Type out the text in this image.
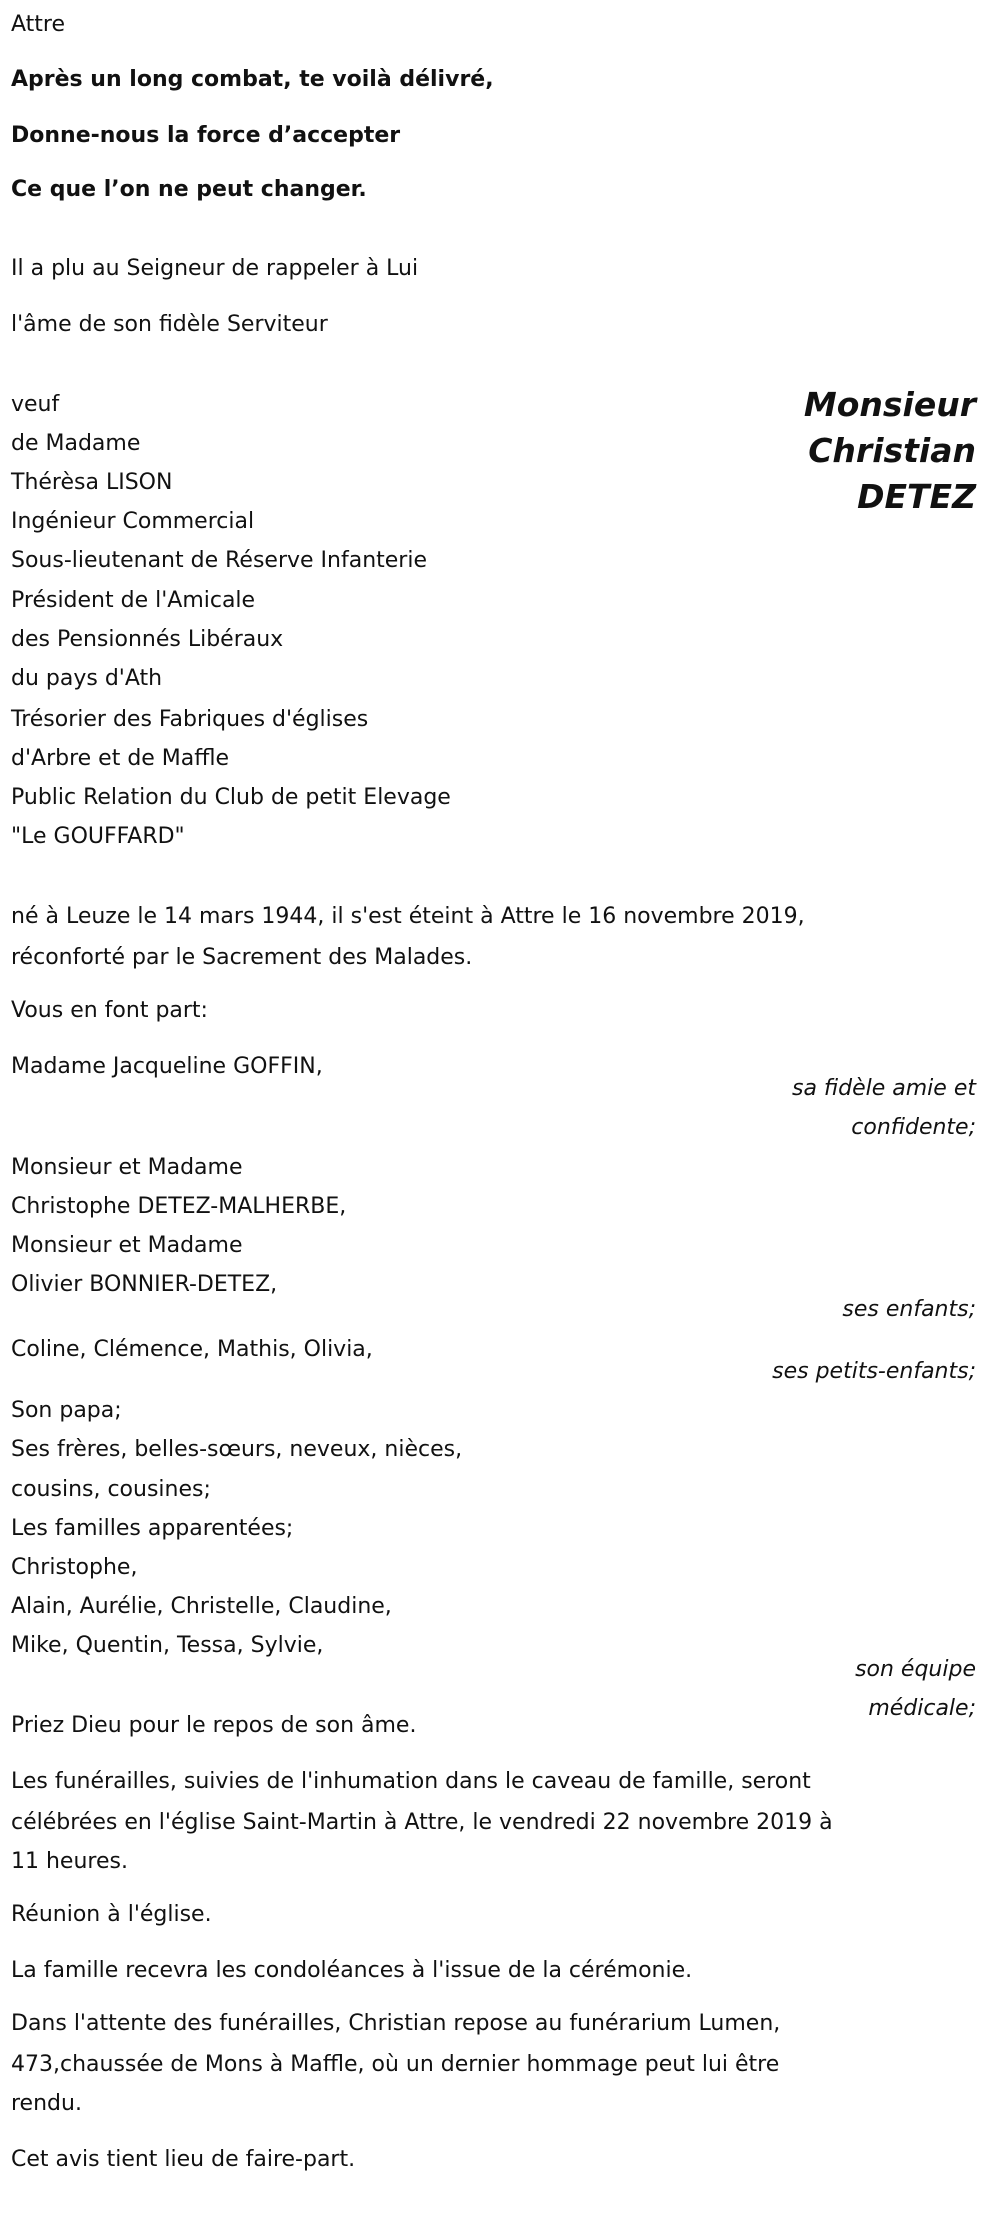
Attre
Après un long combat, te voilà délivré,
Donne-nous la force d’accepter
Ce que l’on ne peut changer.
Il a plu au Seigneur de rappeler à Lui
l'âme de son fidèle Serviteur
Monsieur
Christian
DETEZ
veuf
de Madame
Thérèsa LISON
Ingénieur Commercial
Sous-lieutenant de Réserve Infanterie
Président de l'Amicale
des Pensionnés Libéraux
du pays d'Ath
Trésorier des Fabriques d'églises
d'Arbre et de Maffle
Public Relation du Club de petit Elevage
"Le GOUFFARD"
né à Leuze le 14 mars 1944, il s'est éteint à Attre le 16 novembre 2019,
réconforté par le Sacrement des Malades.
Vous en font part:
Madame Jacqueline GOFFIN,
sa fidèle amie et
confidente;
Monsieur et Madame
Christophe DETEZ-MALHERBE,
Monsieur et Madame
Olivier BONNIER-DETEZ,
ses enfants;
Coline, Clémence, Mathis, Olivia,
ses petits-enfants;
Son papa;
Ses frères, belles-sœurs, neveux, nièces,
cousins, cousines;
Les familles apparentées;
Christophe,
Alain, Aurélie, Christelle, Claudine,
Mike, Quentin, Tessa, Sylvie,
son équipe
médicale;
Priez Dieu pour le repos de son âme.
Les funérailles, suivies de l'inhumation dans le caveau de famille, seront
célébrées en l'église Saint-Martin à Attre, le vendredi 22 novembre 2019 à
11 heures.
Réunion à l'église.
La famille recevra les condoléances à l'issue de la cérémonie.
Dans l'attente des funérailles, Christian repose au funérarium Lumen,
473,chaussée de Mons à Maffle, où un dernier hommage peut lui être
rendu.
Cet avis tient lieu de faire-part.
